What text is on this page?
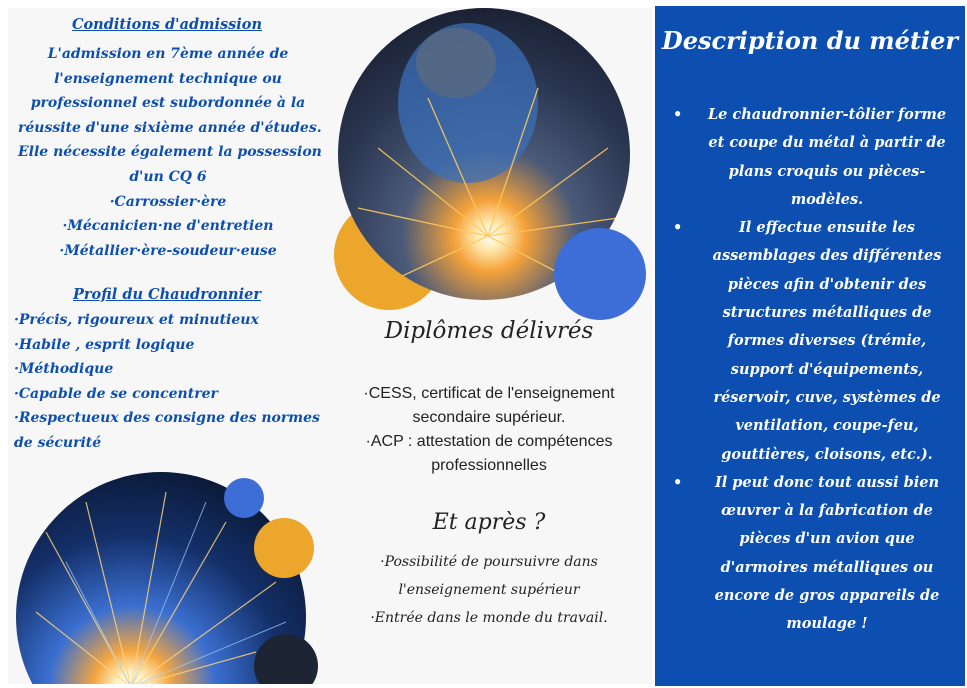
Conditions d'admission
L'admission en 7ème année de
l'enseignement technique ou
professionnel est subordonnée à la
réussite d'une sixième année d'études.
Elle nécessite également la possession
d'un CQ 6
·Carrossier·ère
·Mécanicien·ne d'entretien
·Métallier·ère-soudeur·euse
Profil du Chaudronnier
·Précis, rigoureux et minutieux
·Habile , esprit logique
·Méthodique
·Capable de se concentrer
·Respectueux des consigne des normes de sécurité
Diplômes délivrés
·CESS, certificat de l'enseignement
secondaire supérieur.
·ACP : attestation de compétences
professionnelles
Et après ?
·Possibilité de poursuivre dans
l'enseignement supérieur
·Entrée dans le monde du travail.
Description du métier
• Le chaudronnier-tôlier forme et coupe du métal à partir de plans croquis ou pièces-modèles.
•	Il effectue ensuite les assemblages des différentes pièces afin d'obtenir des structures métalliques de formes diverses (trémie, support d'équipements, réservoir, cuve, systèmes de ventilation, coupe-feu, gouttières, cloisons, etc.).
• Il peut donc tout aussi bien œuvrer à la fabrication de pièces d'un avion que d'armoires métalliques ou encore de gros appareils de moulage !
